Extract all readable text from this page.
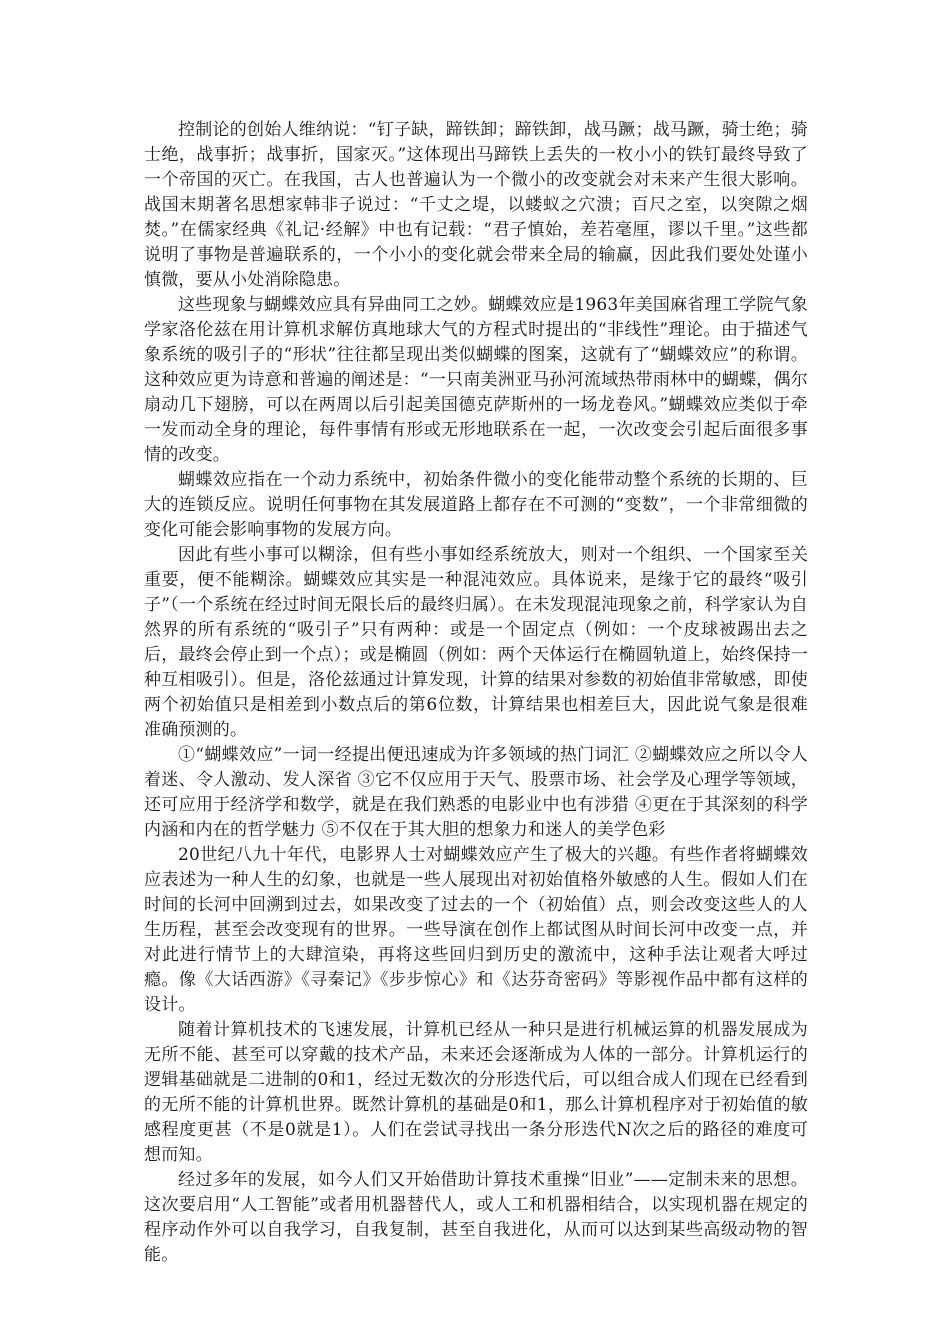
控制论的创始人维纳说：“钉子缺，蹄铁卸；蹄铁卸，战马蹶；战马蹶，骑士绝；骑士绝，战事折；战事折，国家灭。”这体现出马蹄铁上丢失的一枚小小的铁钉最终导致了一个帝国的灭亡。在我国，古人也普遍认为一个微小的改变就会对未来产生很大影响。战国末期著名思想家韩非子说过：“千丈之堤，以蝼蚁之穴溃；百尺之室，以突隙之烟焚。”在儒家经典《礼记·经解》中也有记载：“君子慎始，差若毫厘，谬以千里。”这些都说明了事物是普遍联系的，一个小小的变化就会带来全局的输赢，因此我们要处处谨小慎微，要从小处消除隐患。

这些现象与蝴蝶效应具有异曲同工之妙。蝴蝶效应是1963年美国麻省理工学院气象学家洛伦兹在用计算机求解仿真地球大气的方程式时提出的“非线性”理论。由于描述气象系统的吸引子的“形状”往往都呈现出类似蝴蝶的图案，这就有了“蝴蝶效应”的称谓。这种效应更为诗意和普遍的阐述是：“一只南美洲亚马孙河流域热带雨林中的蝴蝶，偶尔扇动几下翅膀，可以在两周以后引起美国德克萨斯州的一场龙卷风。”蝴蝶效应类似于牵一发而动全身的理论，每件事情有形或无形地联系在一起，一次改变会引起后面很多事情的改变。

蝴蝶效应指在一个动力系统中，初始条件微小的变化能带动整个系统的长期的、巨大的连锁反应。说明任何事物在其发展道路上都存在不可测的“变数”，一个非常细微的变化可能会影响事物的发展方向。

因此有些小事可以糊涂，但有些小事如经系统放大，则对一个组织、一个国家至关重要，便不能糊涂。蝴蝶效应其实是一种混沌效应。具体说来，是缘于它的最终“吸引子”（一个系统在经过时间无限长后的最终归属）。在未发现混沌现象之前，科学家认为自然界的所有系统的“吸引子”只有两种：或是一个固定点（例如：一个皮球被踢出去之后，最终会停止到一个点）；或是椭圆（例如：两个天体运行在椭圆轨道上，始终保持一种互相吸引）。但是，洛伦兹通过计算发现，计算的结果对参数的初始值非常敏感，即使两个初始值只是相差到小数点后的第6位数，计算结果也相差巨大，因此说气象是很难准确预测的。

①“蝴蝶效应”一词一经提出便迅速成为许多领域的热门词汇 ②蝴蝶效应之所以令人着迷、令人激动、发人深省 ③它不仅应用于天气、股票市场、社会学及心理学等领域，还可应用于经济学和数学，就是在我们熟悉的电影业中也有涉猎 ④更在于其深刻的科学内涵和内在的哲学魅力 ⑤不仅在于其大胆的想象力和迷人的美学色彩

20世纪八九十年代，电影界人士对蝴蝶效应产生了极大的兴趣。有些作者将蝴蝶效应表述为一种人生的幻象，也就是一些人展现出对初始值格外敏感的人生。假如人们在时间的长河中回溯到过去，如果改变了过去的一个（初始值）点，则会改变这些人的人生历程，甚至会改变现有的世界。一些导演在创作上都试图从时间长河中改变一点，并对此进行情节上的大肆渲染，再将这些回归到历史的激流中，这种手法让观者大呼过瘾。像《大话西游》《寻秦记》《步步惊心》和《达芬奇密码》等影视作品中都有这样的设计。

随着计算机技术的飞速发展，计算机已经从一种只是进行机械运算的机器发展成为无所不能、甚至可以穿戴的技术产品，未来还会逐渐成为人体的一部分。计算机运行的逻辑基础就是二进制的0和1，经过无数次的分形迭代后，可以组合成人们现在已经看到的无所不能的计算机世界。既然计算机的基础是0和1，那么计算机程序对于初始值的敏感程度更甚（不是0就是1）。人们在尝试寻找出一条分形迭代N次之后的路径的难度可想而知。

经过多年的发展，如今人们又开始借助计算技术重操“旧业”——定制未来的思想。这次要启用“人工智能”或者用机器替代人，或人工和机器相结合，以实现机器在规定的程序动作外可以自我学习，自我复制，甚至自我进化，从而可以达到某些高级动物的智能。
